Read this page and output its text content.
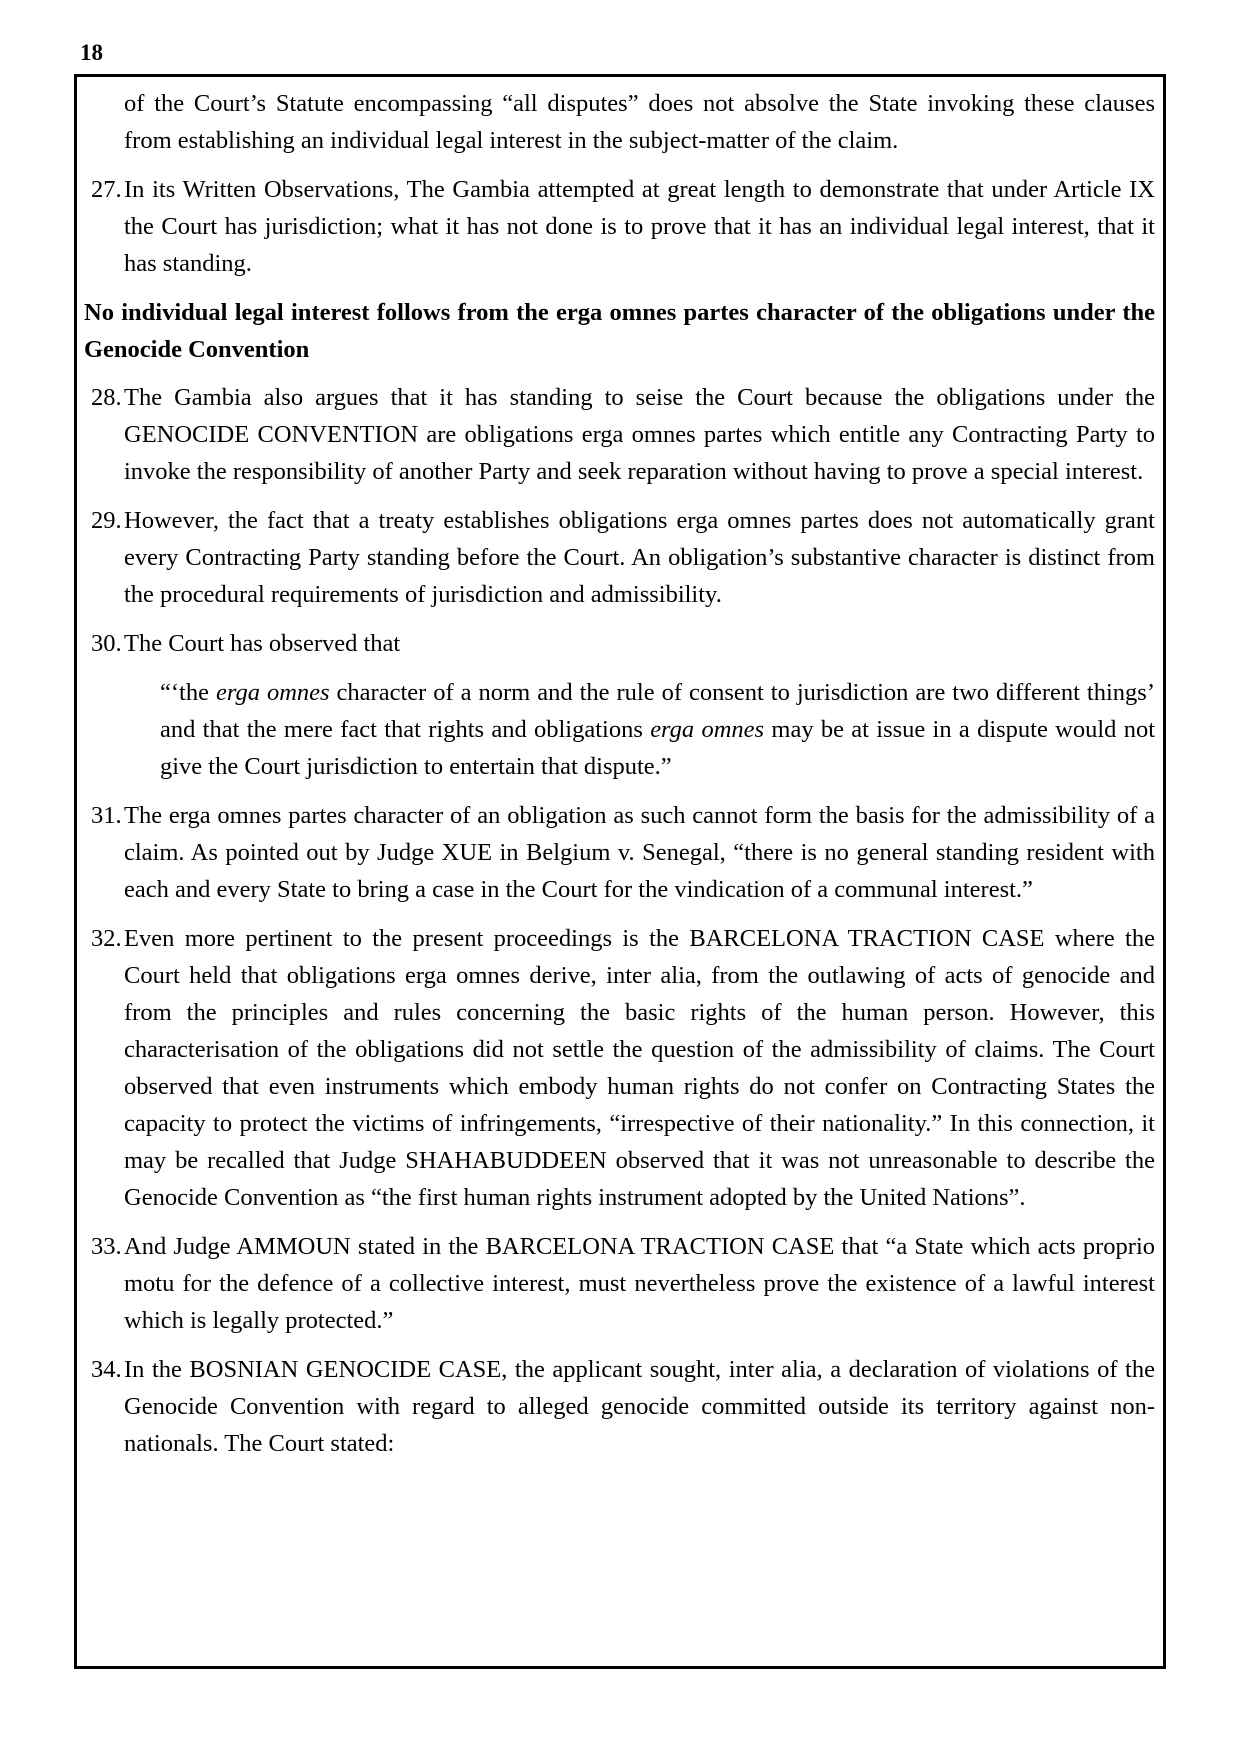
18

of the Court’s Statute encompassing “all disputes” does not absolve the State invoking these clauses from establishing an individual legal interest in the subject-matter of the claim.

27. In its Written Observations, The Gambia attempted at great length to demonstrate that under Article IX the Court has jurisdiction; what it has not done is to prove that it has an individual legal interest, that it has standing.
No individual legal interest follows from the erga omnes partes character of the obligations under the Genocide Convention
28. The Gambia also argues that it has standing to seise the Court because the obligations under the GENOCIDE CONVENTION are obligations erga omnes partes which entitle any Contracting Party to invoke the responsibility of another Party and seek reparation without having to prove a special interest.
29. However, the fact that a treaty establishes obligations erga omnes partes does not automatically grant every Contracting Party standing before the Court. An obligation’s substantive character is distinct from the procedural requirements of jurisdiction and admissibility.
30. The Court has observed that
“‘the erga omnes character of a norm and the rule of consent to jurisdiction are two different things’ and that the mere fact that rights and obligations erga omnes may be at issue in a dispute would not give the Court jurisdiction to entertain that dispute.”
31. The erga omnes partes character of an obligation as such cannot form the basis for the admissibility of a claim. As pointed out by Judge XUE in Belgium v. Senegal, “there is no general standing resident with each and every State to bring a case in the Court for the vindication of a communal interest.”
32. Even more pertinent to the present proceedings is the BARCELONA TRACTION CASE where the Court held that obligations erga omnes derive, inter alia, from the outlawing of acts of genocide and from the principles and rules concerning the basic rights of the human person. However, this characterisation of the obligations did not settle the question of the admissibility of claims. The Court observed that even instruments which embody human rights do not confer on Contracting States the capacity to protect the victims of infringements, “irrespective of their nationality.” In this connection, it may be recalled that Judge SHAHABUDDEEN observed that it was not unreasonable to describe the Genocide Convention as “the first human rights instrument adopted by the United Nations”.
33. And Judge AMMOUN stated in the BARCELONA TRACTION CASE that “a State which acts proprio motu for the defence of a collective interest, must nevertheless prove the existence of a lawful interest which is legally protected.”
34. In the BOSNIAN GENOCIDE CASE, the applicant sought, inter alia, a declaration of violations of the Genocide Convention with regard to alleged genocide committed outside its territory against non-nationals. The Court stated:
